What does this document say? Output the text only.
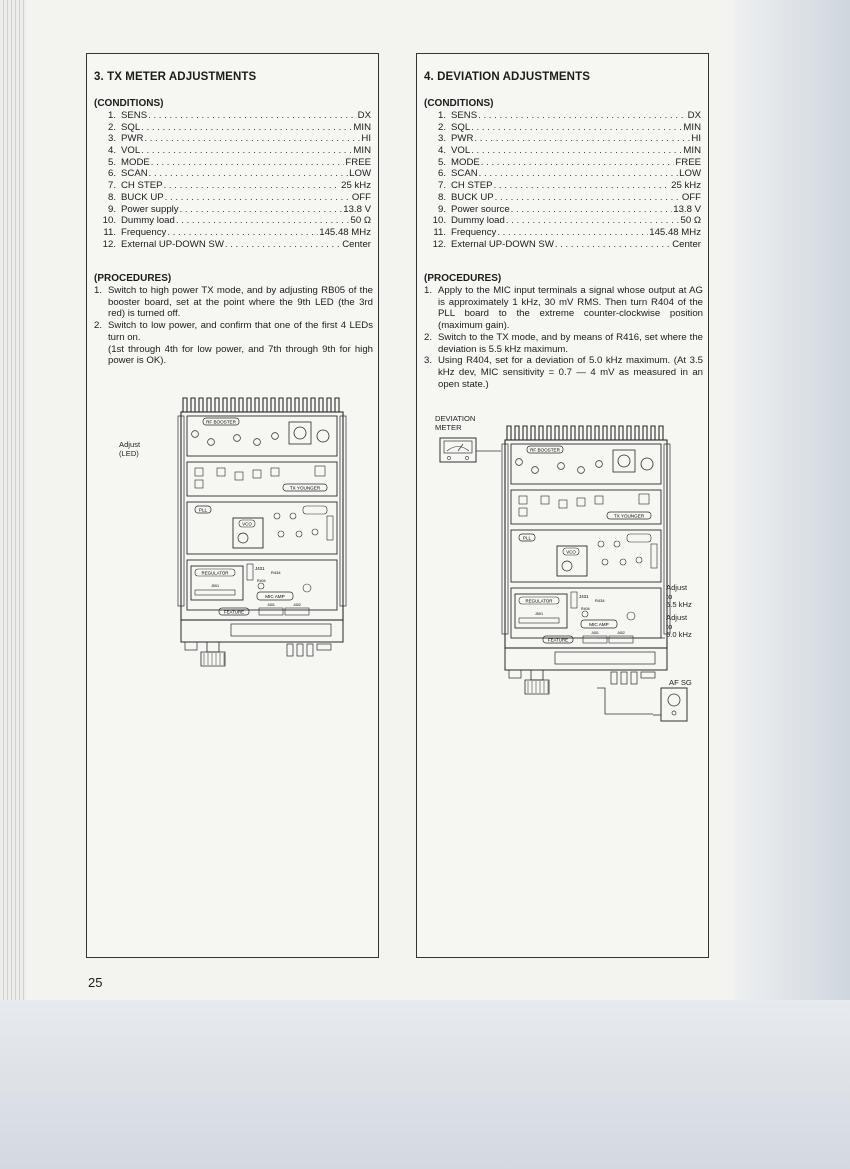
3. TX METER ADJUSTMENTS
(CONDITIONS)
1. SENS . . .	DX
2. SQL . . .	MIN
3. PWR . . .	HI
4. VOL . . .	MIN
5. MODE . . .	FREE
6. SCAN . . .	LOW
7. CH STEP . . .	25 kHz
8. BUCK UP . . .	OFF
9. Power supply . . .	13.8 V
10. Dummy load . . .	50 Ω
11. Frequency . . .	145.48 MHz
12. External UP-DOWN SW . . .	Center
(PROCEDURES)
1. Switch to high power TX mode, and by adjusting RB05 of the booster board, set at the point where the 9th LED (the 3rd red) is turned off.
2. Switch to low power, and confirm that one of the first 4 LEDs turn on.
(1st through 4th for low power, and 7th through 9th for high power is OK).
Adjust
(LED)
RF BOOSTER
TX YOUNGER
PLL
VCO
REGULATOR
J501
J431
R434
R404
MIC AMP
FEATURE
J401	J402
4. DEVIATION ADJUSTMENTS
(CONDITIONS)
1. SENS . . .	DX
2. SQL . . .	MIN
3. PWR . . .	HI
4. VOL . . .	MIN
5. MODE . . .	FREE
6. SCAN . . .	LOW
7. CH STEP . . .	25 kHz
8. BUCK UP . . .	OFF
9. Power source . . .	13.8 V
10. Dummy load . . .	50 Ω
11. Frequency . . .	145.48 MHz
12. External UP-DOWN SW . . .	Center
(PROCEDURES)
1. Apply to the MIC input terminals a signal whose output at AG is approximately 1 kHz, 30 mV RMS. Then turn R404 of the PLL board to the extreme counter-clockwise position (maximum gain).
2. Switch to the TX mode, and by means of R416, set where the deviation is 5.5 kHz maximum.
3. Using R404, set for a deviation of 5.0 kHz maximum. (At 3.5 kHz dev, MIC sensitivity = 0.7 — 4 mV as measured in an open state.)
DEVIATION
METER
Adjust
to
5.5 kHz
Adjust
to
5.0 kHz
AF SG
RF BOOSTER
TX YOUNGER
PLL
VCO
REGULATOR
J501
J431
R434
R404
MIC AMP
FEATURE
J401	J402
25
